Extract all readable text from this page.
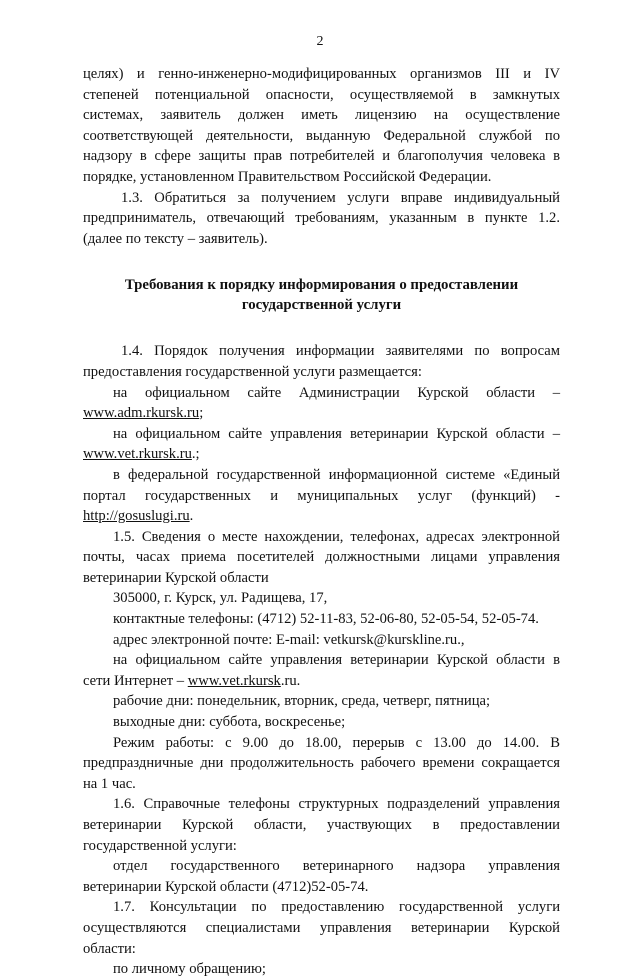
2
целях) и генно-инженерно-модифицированных организмов III и IV
степеней потенциальной опасности, осуществляемой в замкнутых
системах, заявитель должен иметь лицензию на осуществление
соответствующей деятельности, выданную Федеральной службой по
надзору в сфере защиты прав потребителей и благополучия человека в
порядке, установленном Правительством Российской Федерации.
1.3. Обратиться за получением услуги вправе индивидуальный
предприниматель, отвечающий требованиям, указанным в пункте 1.2.
(далее по тексту – заявитель).
Требования к порядку информирования о предоставлении
государственной услуги
1.4. Порядок получения информации заявителями по вопросам
предоставления государственной услуги размещается:
на официальном сайте Администрации Курской области –
www.adm.rkursk.ru;
на официальном сайте управления ветеринарии Курской области –
www.vet.rkursk.ru.;
в федеральной государственной информационной системе «Единый
портал государственных и муниципальных услуг (функций) -
http://gosuslugi.ru.
1.5. Сведения о месте нахождении, телефонах, адресах электронной
почты, часах приема посетителей должностными лицами управления
ветеринарии Курской области
305000, г. Курск, ул. Радищева, 17,
контактные телефоны: (4712) 52-11-83, 52-06-80, 52-05-54, 52-05-74.
адрес электронной почте: E-mail: vetkursk@kurskline.ru.,
на официальном сайте управления ветеринарии Курской области в
сети Интернет – www.vet.rkursk.ru.
рабочие дни: понедельник, вторник, среда, четверг, пятница;
выходные дни: суббота, воскресенье;
Режим работы: с 9.00 до 18.00, перерыв с 13.00 до 14.00. В
предпраздничные дни продолжительность рабочего времени сокращается
на 1 час.
1.6. Справочные телефоны структурных подразделений управления
ветеринарии Курской области, участвующих в предоставлении
государственной услуги:
отдел государственного ветеринарного надзора управления
ветеринарии Курской области (4712)52-05-74.
1.7. Консультации по предоставлению государственной услуги
осуществляются специалистами управления ветеринарии Курской
области:
по личному обращению;
